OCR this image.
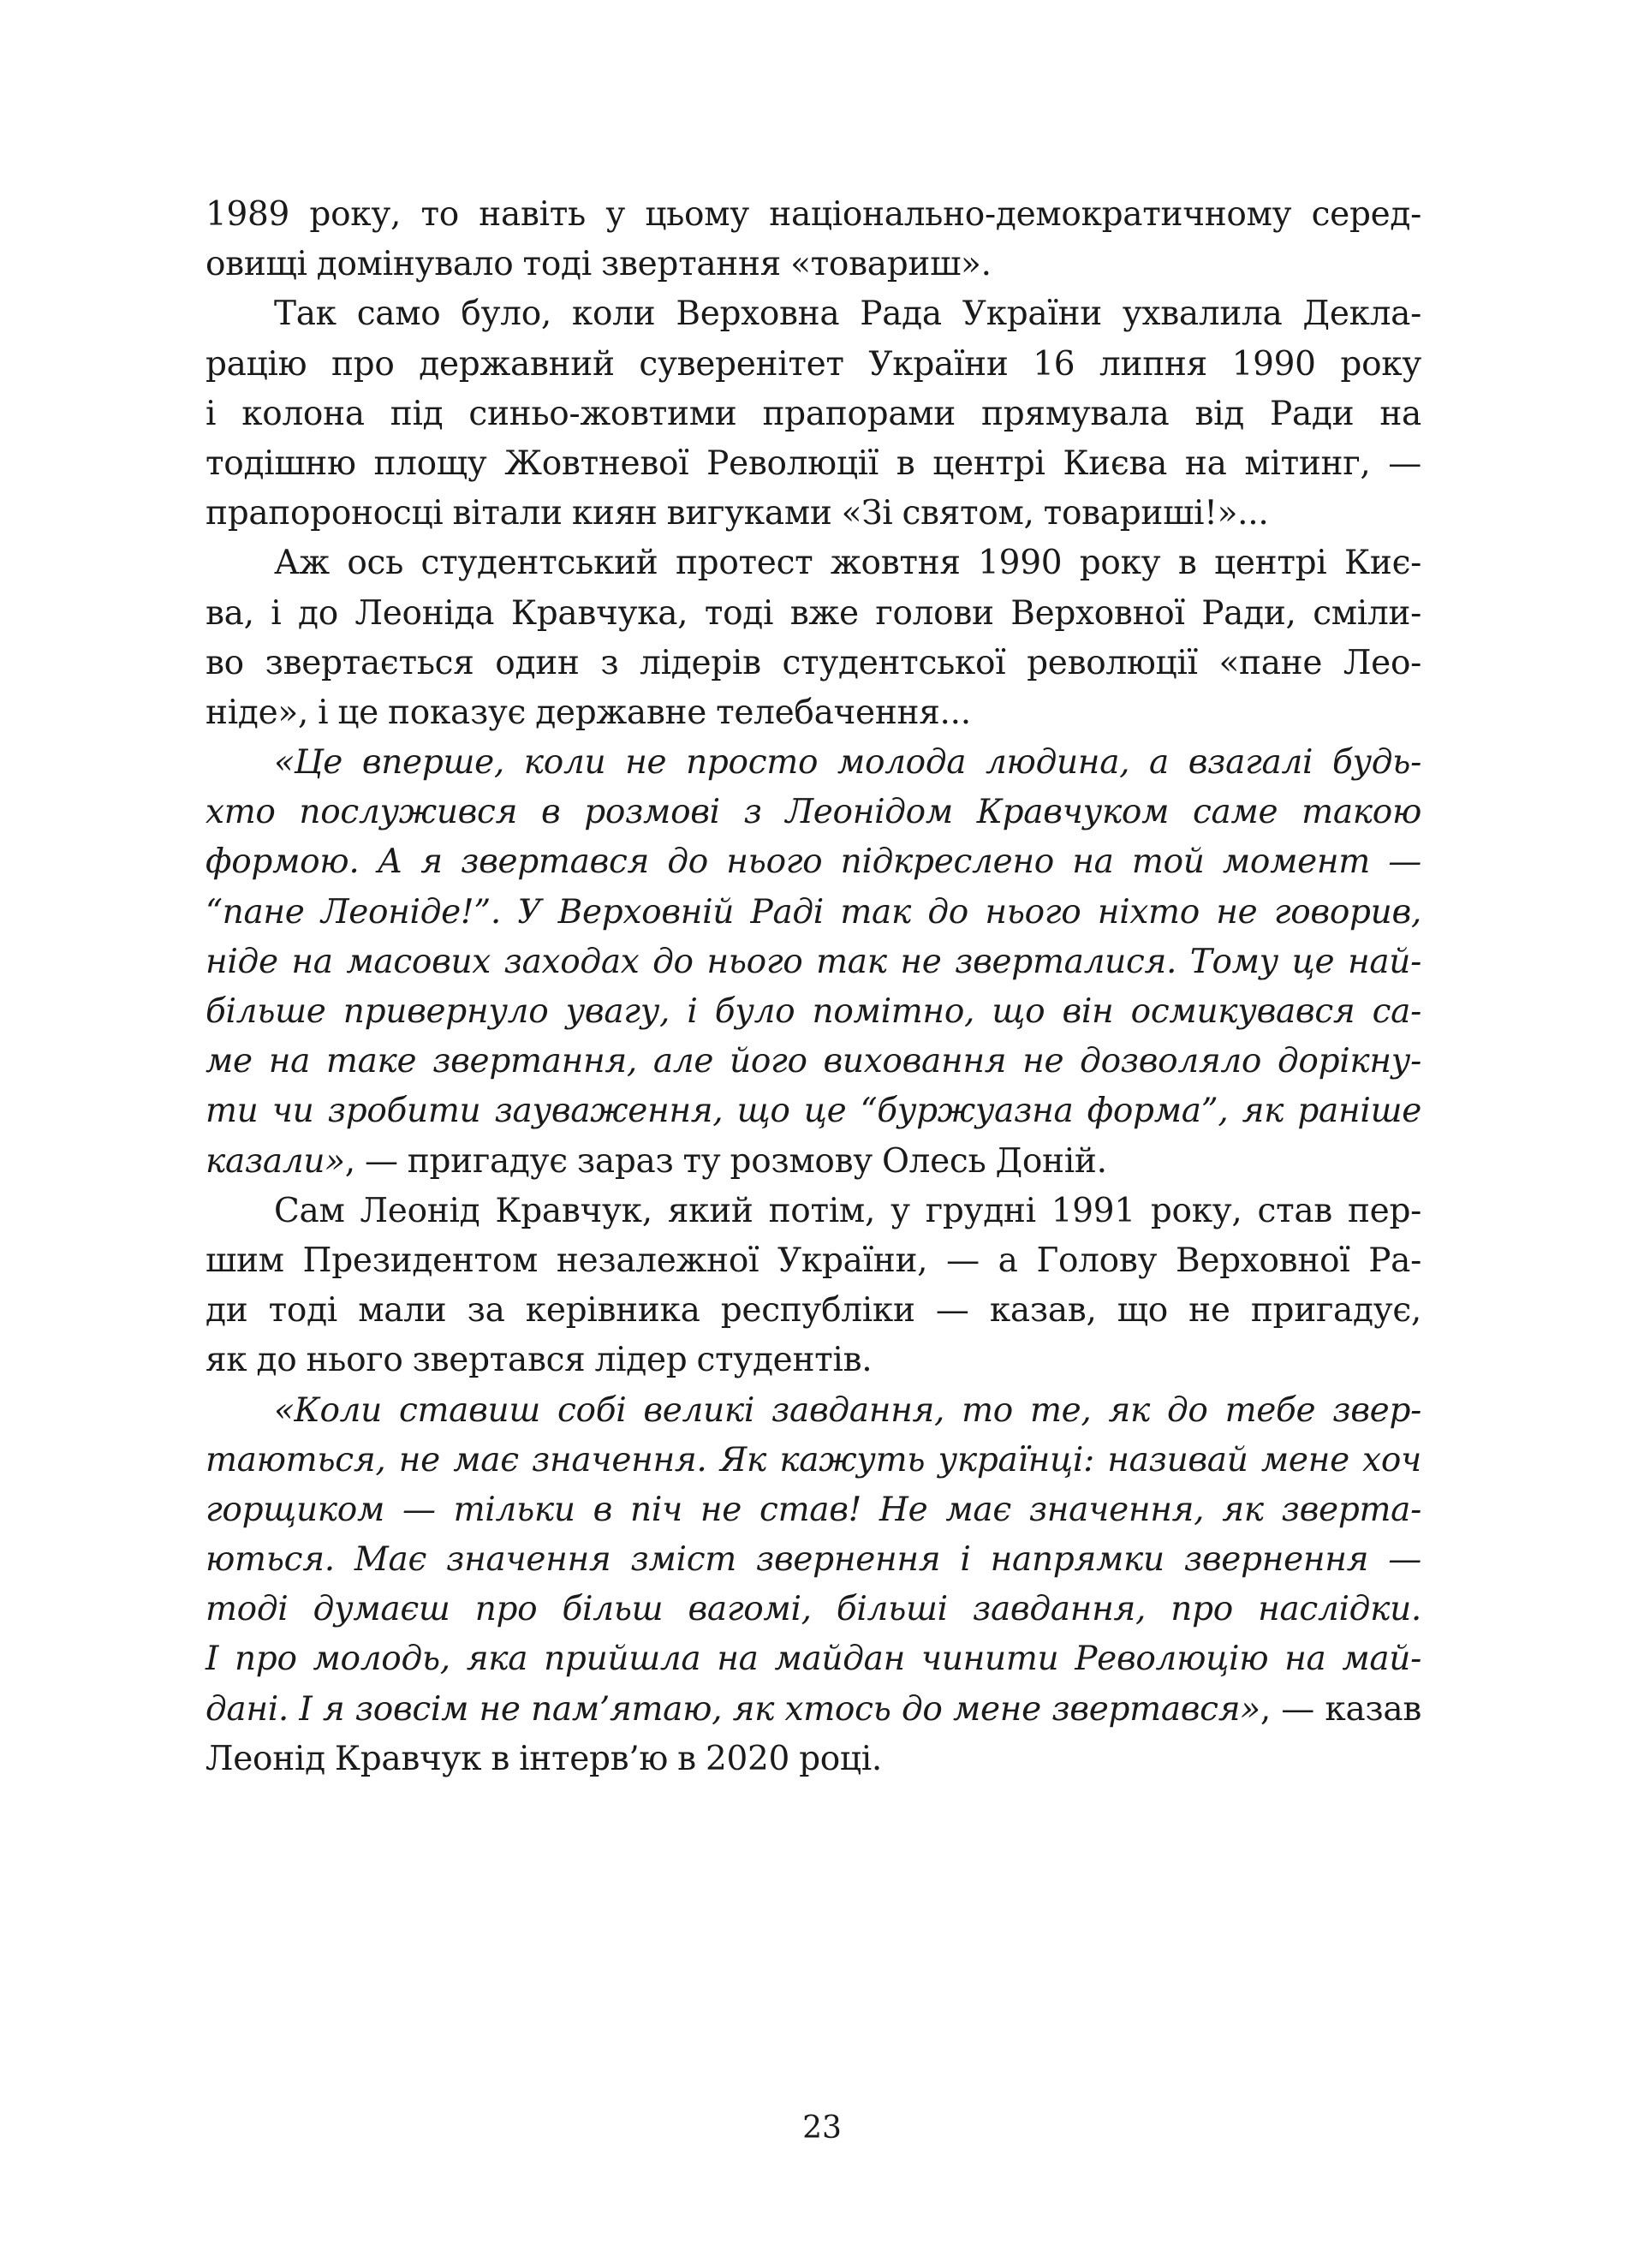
1989 року, то навіть у цьому національно-демократичному серед-
овищі домінувало тоді звертання «товариш».
Так само було, коли Верховна Рада України ухвалила Декла-
рацію про державний суверенітет України 16 липня 1990 року
і колона під синьо-жовтими прапорами прямувала від Ради на
тодішню площу Жовтневої Революції в центрі Києва на мітинг, —
прапороносці вітали киян вигуками «Зі святом, товариші!»...
Аж ось студентський протест жовтня 1990 року в центрі Киє-
ва, і до Леоніда Кравчука, тоді вже голови Верховної Ради, сміли-
во звертається один з лідерів студентської революції «пане Лео-
ніде», і це показує державне телебачення...
«Це вперше, коли не просто молода людина, а взагалі будь-
хто послужився в розмові з Леонідом Кравчуком саме такою
формою. А я звертався до нього підкреслено на той момент —
“пане Леоніде!”. У Верховній Раді так до нього ніхто не говорив,
ніде на масових заходах до нього так не зверталися. Тому це най-
більше привернуло увагу, і було помітно, що він осмикувався са-
ме на таке звертання, але його виховання не дозволяло дорікну-
ти чи зробити зауваження, що це “буржуазна форма”, як раніше
казали», — пригадує зараз ту розмову Олесь Доній.
Сам Леонід Кравчук, який потім, у грудні 1991 року, став пер-
шим Президентом незалежної України, — а Голову Верховної Ра-
ди тоді мали за керівника республіки — казав, що не пригадує,
як до нього звертався лідер студентів.
«Коли ставиш собі великі завдання, то те, як до тебе звер-
таються, не має значення. Як кажуть українці: називай мене хоч
горщиком — тільки в піч не став! Не має значення, як зверта-
ються. Має значення зміст звернення і напрямки звернення —
тоді думаєш про більш вагомі, більші завдання, про наслідки.
І про молодь, яка прийшла на майдан чинити Революцію на май-
дані. І я зовсім не пам’ятаю, як хтось до мене звертався», — казав
Леонід Кравчук в інтерв’ю в 2020 році.
23
